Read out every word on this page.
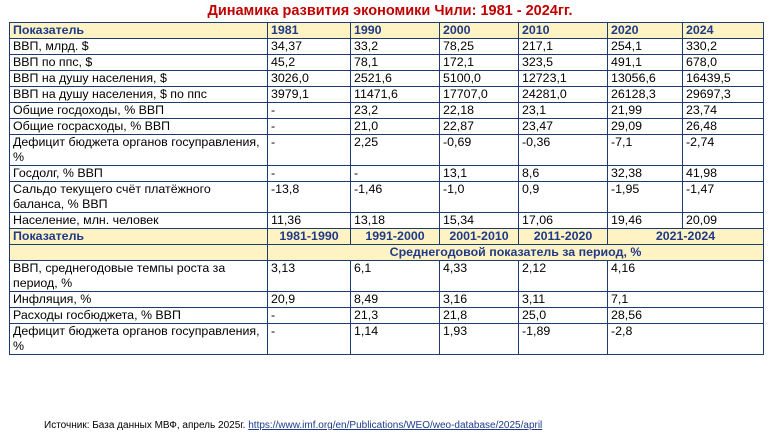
Динамика развития экономики Чили: 1981 - 2024гг.
Показатель	1981	1990	2000	2010	2020	2024
ВВП, млрд. $	34,37	33,2	78,25	217,1	254,1	330,2
ВВП по ппс, $	45,2	78,1	172,1	323,5	491,1	678,0
ВВП на душу населения, $	3026,0	2521,6	5100,0	12723,1	13056,6	16439,5
ВВП на душу населения, $ по ппс	3979,1	11471,6	17707,0	24281,0	26128,3	29697,3
Общие госдоходы, % ВВП	-	23,2	22,18	23,1	21,99	23,74
Общие госрасходы, % ВВП	-	21,0	22,87	23,47	29,09	26,48
Дефицит бюджета органов госуправления, %	-	2,25	-0,69	-0,36	-7,1	-2,74
Госдолг, % ВВП	-	-	13,1	8,6	32,38	41,98
Сальдо текущего счёт платёжного баланса, % ВВП	-13,8	-1,46	-1,0	0,9	-1,95	-1,47
Население, млн. человек	11,36	13,18	15,34	17,06	19,46	20,09
Показатель	1981-1990	1991-2000	2001-2010	2011-2020	2021-2024	
	Среднегодовой показатель за период, %					
ВВП, среднегодовые темпы роста за период, %	3,13	6,1	4,33	2,12	4,16	
Инфляция, %	20,9	8,49	3,16	3,11	7,1	
Расходы госбюджета, % ВВП	-	21,3	21,8	25,0	28,56	
Дефицит бюджета органов госуправления, %	-	1,14	1,93	-1,89	-2,8	
Источник: База данных МВФ, апрель 2025г. https://www.imf.org/en/Publications/WEO/weo-database/2025/april
